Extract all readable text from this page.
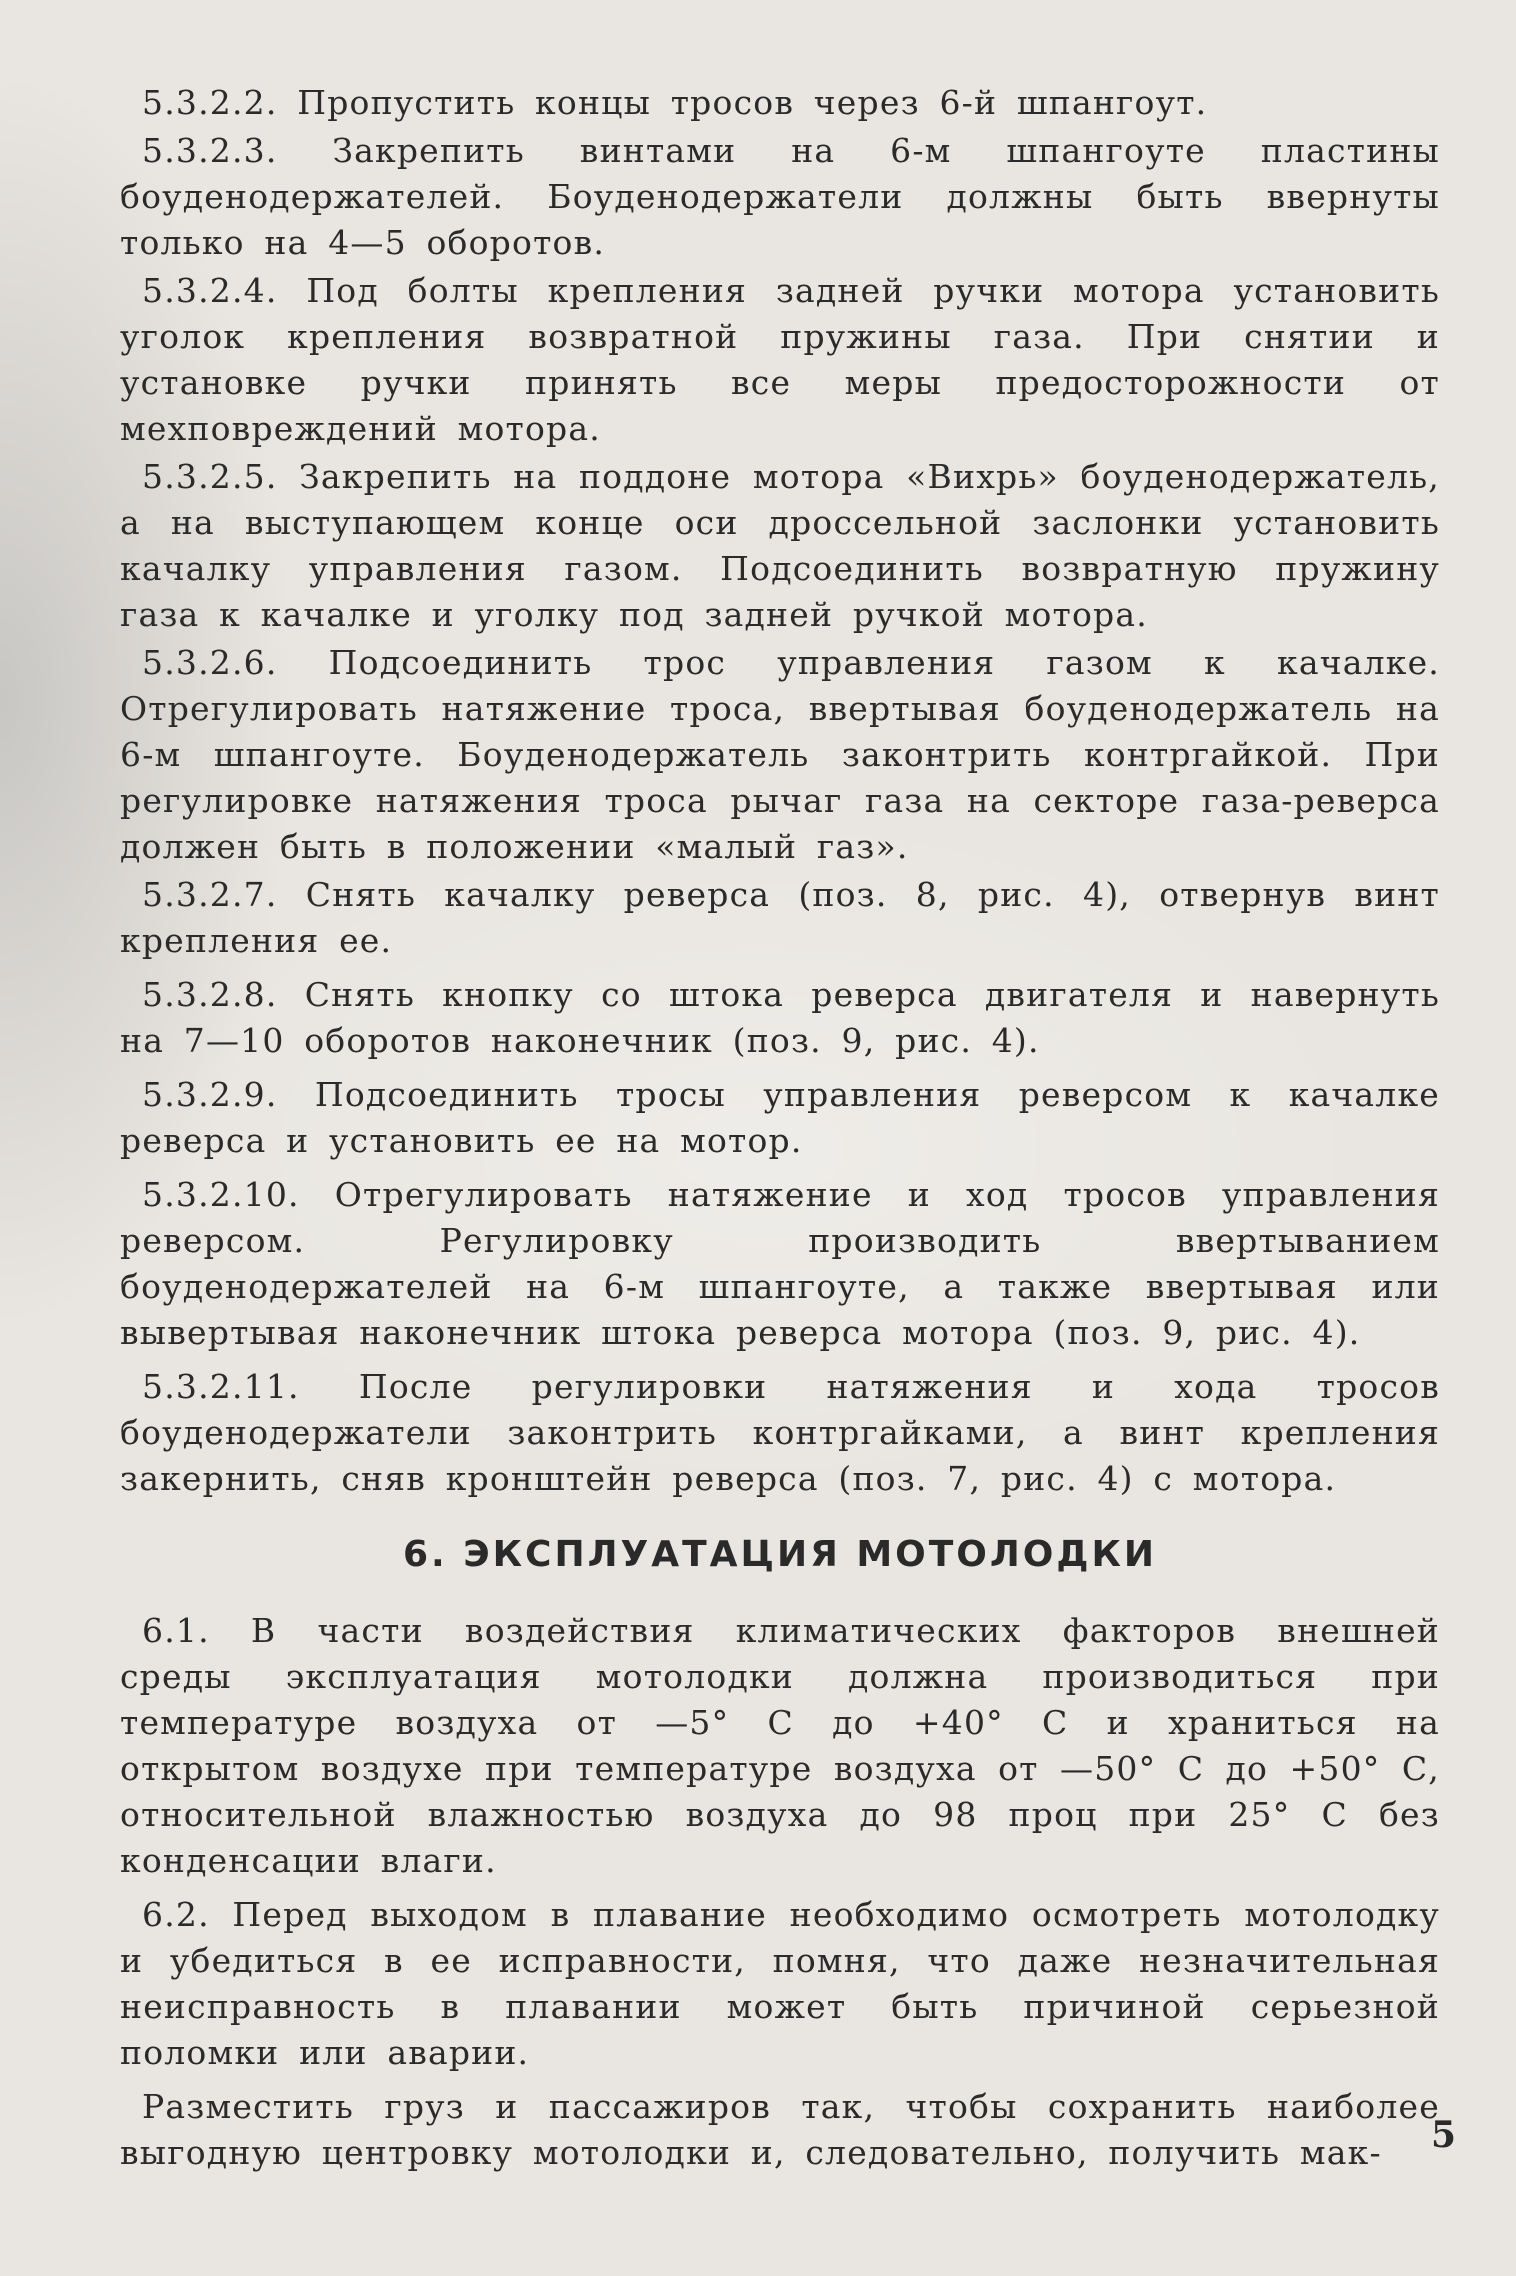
5.3.2.2. Пропустить концы тросов через 6-й шпангоут.

5.3.2.3. Закрепить винтами на 6-м шпангоуте пластины боуденодержателей. Боуденодержатели должны быть ввернуты только на 4—5 оборотов.

5.3.2.4. Под болты крепления задней ручки мотора установить уголок крепления возвратной пружины газа. При снятии и установке ручки принять все меры предосторожности от мехповреждений мотора.

5.3.2.5. Закрепить на поддоне мотора «Вихрь» боуденодержатель, а на выступающем конце оси дроссельной заслонки установить качалку управления газом. Подсоединить возвратную пружину газа к качалке и уголку под задней ручкой мотора.

5.3.2.6. Подсоединить трос управления газом к качалке. Отрегулировать натяжение троса, ввертывая боуденодержатель на 6-м шпангоуте. Боуденодержатель законтрить контргайкой. При регулировке натяжения троса рычаг газа на секторе газа-реверса должен быть в положении «малый газ».

5.3.2.7. Снять качалку реверса (поз. 8, рис. 4), отвернув винт крепления ее.

5.3.2.8. Снять кнопку со штока реверса двигателя и навернуть на 7—10 оборотов наконечник (поз. 9, рис. 4).

5.3.2.9. Подсоединить тросы управления реверсом к качалке реверса и установить ее на мотор.

5.3.2.10. Отрегулировать натяжение и ход тросов управления реверсом. Регулировку производить ввертыванием боуденодержателей на 6-м шпангоуте, а также ввертывая или вывертывая наконечник штока реверса мотора (поз. 9, рис. 4).

5.3.2.11. После регулировки натяжения и хода тросов боуденодержатели законтрить контргайками, а винт крепления закернить, сняв кронштейн реверса (поз. 7, рис. 4) с мотора.

6. ЭКСПЛУАТАЦИЯ МОТОЛОДКИ

6.1. В части воздействия климатических факторов внешней среды эксплуатация мотолодки должна производиться при температуре воздуха от —5° С до +40° С и храниться на открытом воздухе при температуре воздуха от —50° С до +50° С, относительной влажностью воздуха до 98 проц при 25° С без конденсации влаги.

6.2. Перед выходом в плавание необходимо осмотреть мотолодку и убедиться в ее исправности, помня, что даже незначительная неисправность в плавании может быть причиной серьезной поломки или аварии.

Разместить груз и пассажиров так, чтобы сохранить наиболее выгодную центровку мотолодки и, следовательно, получить мак-	5
